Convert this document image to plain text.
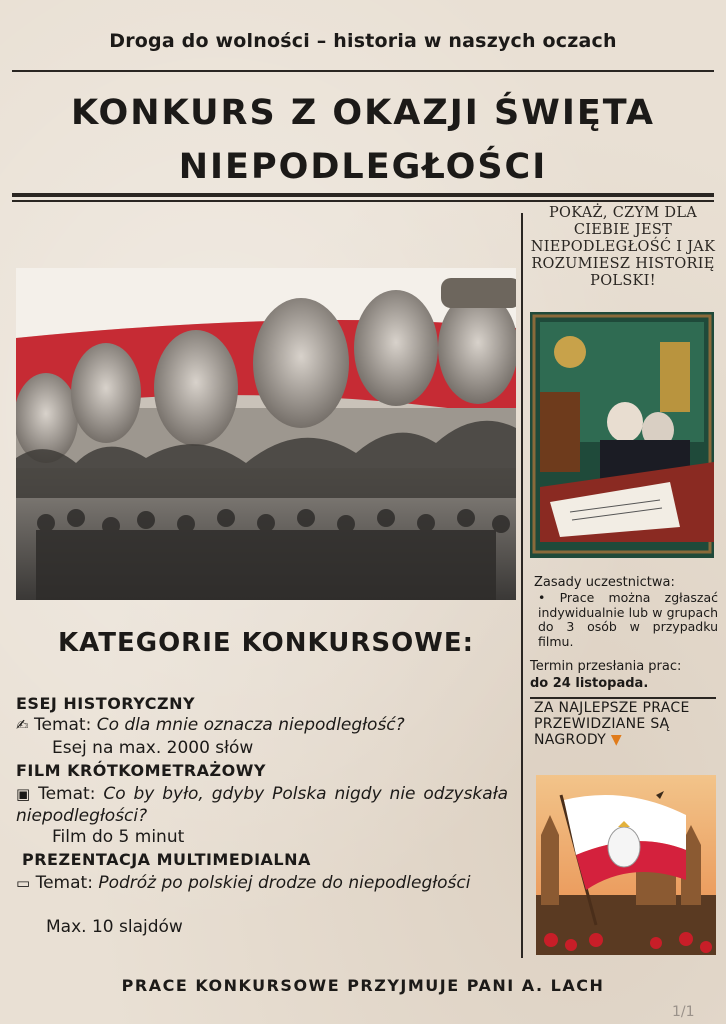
Droga do wolności – historia w naszych oczach
KONKURS Z OKAZJI ŚWIĘTA
NIEPODLEGŁOŚCI
KATEGORIE KONKURSOWE:
ESEJ HISTORYCZNY
✍ Temat: Co dla mnie oznacza niepodległość?
Esej na max. 2000 słów
FILM KRÓTKOMETRAŻOWY
▣ Temat: Co by było, gdyby Polska nigdy nie odzyskała niepodległości?
Film do 5 minut
PREZENTACJA MULTIMEDIALNA
▭ Temat: Podróż po polskiej drodze do niepodległości
Max. 10 slajdów
POKAŻ, CZYM DLA CIEBIE JEST NIEPODLEGŁOŚĆ I JAK ROZUMIESZ HISTORIĘ POLSKI!
Zasady uczestnictwa:
• Prace można zgłaszać indywidualnie lub w grupach do 3 osób w przypadku filmu.
Termin przesłania prac:
do 24 listopada.
ZA NAJLEPSZE PRACE PRZEWIDZIANE SĄ NAGRODY ▼
PRACE KONKURSOWE PRZYJMUJE PANI A. LACH
1/1
